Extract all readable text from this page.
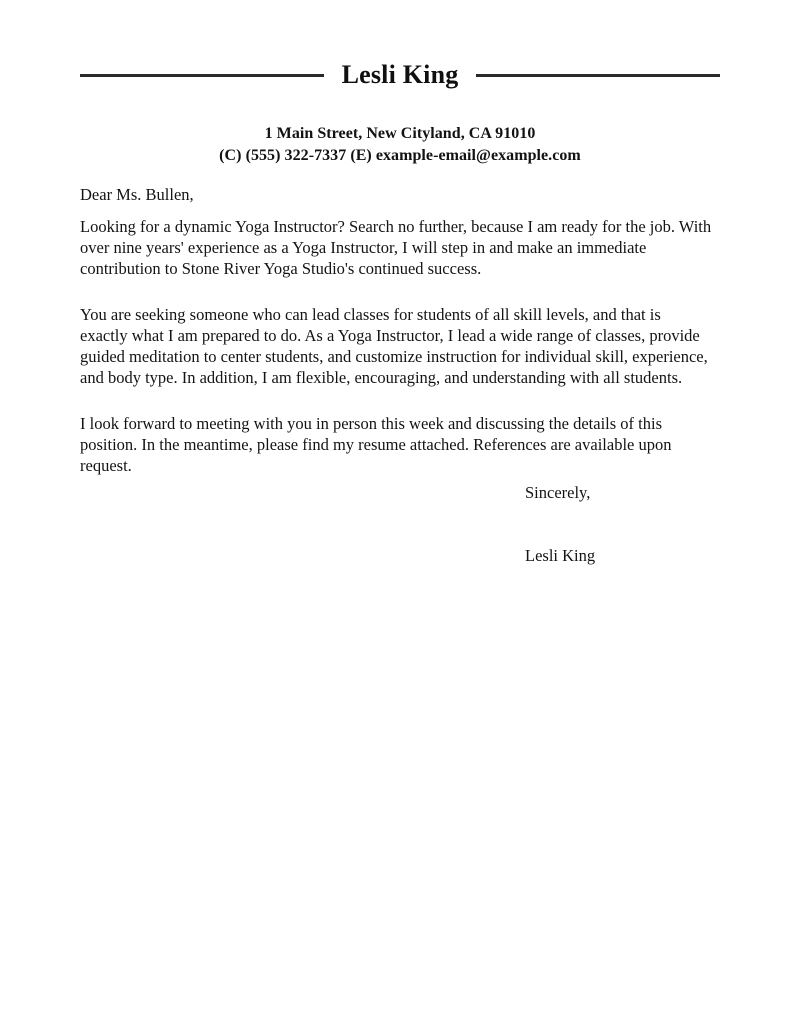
Lesli King
1 Main Street, New Cityland, CA 91010
(C) (555) 322-7337 (E) example-email@example.com

Dear Ms. Bullen,

Looking for a dynamic Yoga Instructor? Search no further, because I am ready for the job. With over nine years' experience as a Yoga Instructor, I will step in and make an immediate contribution to Stone River Yoga Studio's continued success.

You are seeking someone who can lead classes for students of all skill levels, and that is exactly what I am prepared to do. As a Yoga Instructor, I lead a wide range of classes, provide guided meditation to center students, and customize instruction for individual skill, experience, and body type. In addition, I am flexible, encouraging, and understanding with all students.

I look forward to meeting with you in person this week and discussing the details of this position. In the meantime, please find my resume attached. References are available upon request.

Sincerely,
Lesli King
